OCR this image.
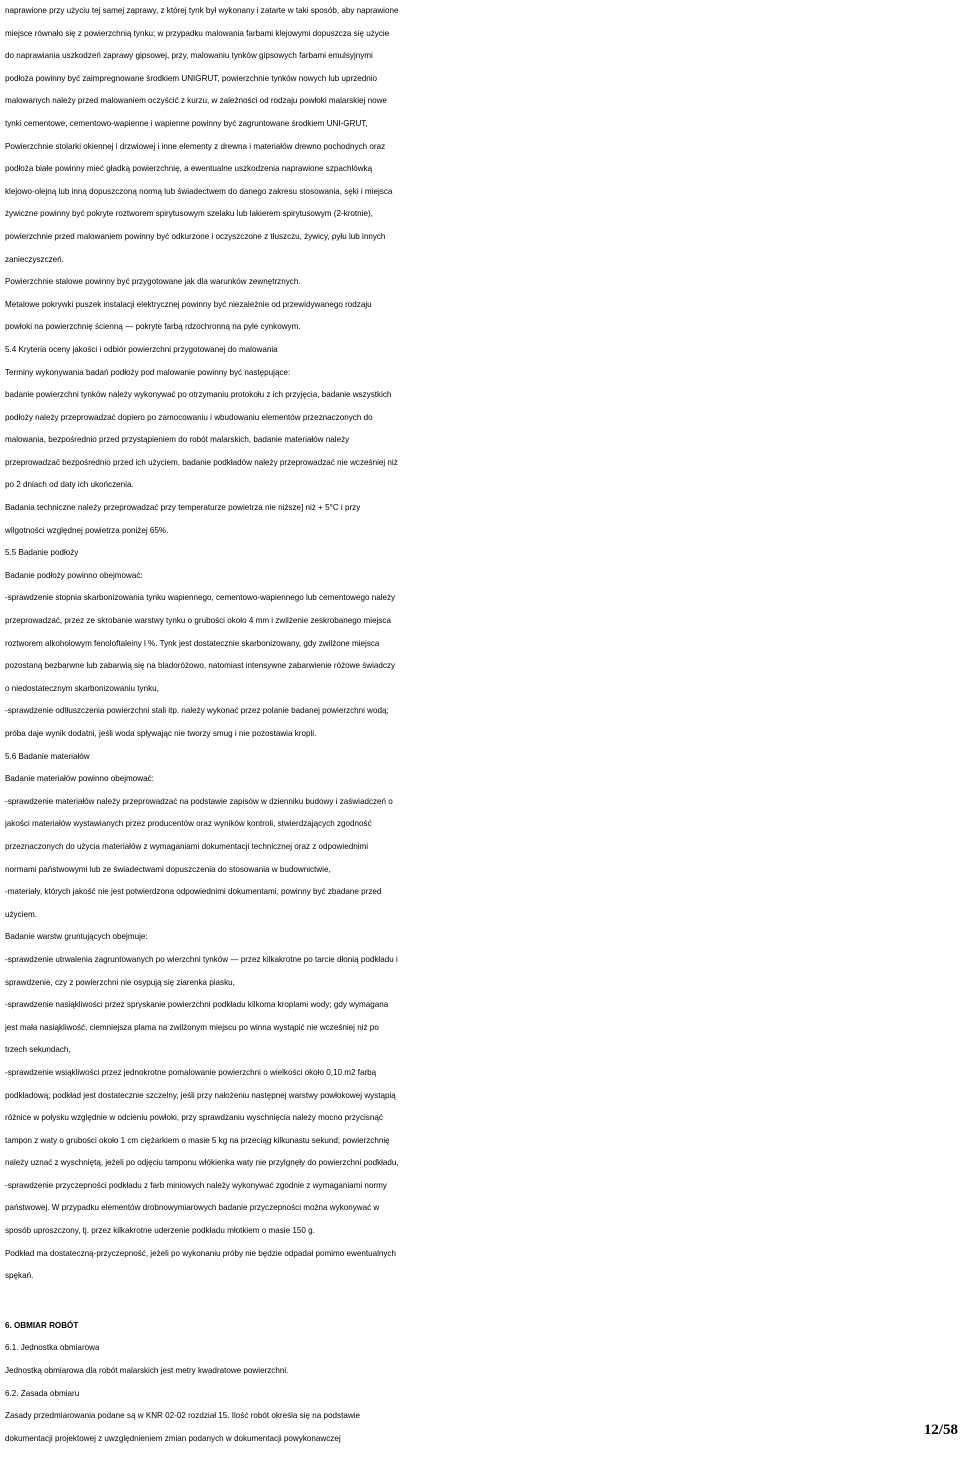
naprawione przy użyciu tej samej zaprawy, z której tynk był wykonany i zatarte w taki sposób, aby naprawione

miejsce równało się z powierzchnią tynku; w przypadku malowania farbami klejowymi dopuszcza się użycie

do naprawiania uszkodzeń zaprawy gipsowej, przy, malowaniu tynków gipsowych farbami emulsyjnymi

podłoża powinny być zaimpregnowane środkiem UNIGRUT, powierzchnie tynków nowych lub uprzednio

malowanych należy przed malowaniem oczyścić z kurzu, w zależności od rodzaju powłoki malarskiej nowe

tynki cementowe, cementowo-wapienne i wapienne powinny być zagruntowane środkiem UNI-GRUT,

Powierzchnie stolarki okiennej i drzwiowej i inne elementy z drewna i materiałów drewno pochodnych oraz

podłoża białe powinny mieć gładką powierzchnię, a ewentualne uszkodzenia naprawione szpachlówką

klejowo-olejną lub inną dopuszczoną normą lub świadectwem do danego zakresu stosowania, sęki i miejsca

żywiczne powinny być pokryte roztworem spirytusowym szelaku lub lakierem spirytusowym (2-krotnie),

powierzchnie przed malowaniem powinny być odkurzone i oczyszczone z tłuszczu, żywicy, pyłu lub innych

zanieczyszczeń.

Powierzchnie stalowe powinny być przygotowane jak dla warunków zewnętrznych.

Metalowe pokrywki puszek instalacji elektrycznej powinny być niezależnie od przewidywanego rodzaju

powłoki na powierzchnię ścienną — pokryte farbą rdzochronną na pyle cynkowym.

5.4 Kryteria oceny jakości i odbiór powierzchni przygotowanej do malowania

Terminy wykonywania badań podłoży pod malowanie powinny być następujące:

badanie powierzchni tynków należy wykonywać po otrzymaniu protokołu z ich przyjęcia, badanie wszystkich

podłoży należy przeprowadzać dopiero po zamocowaniu i wbudowaniu elementów przeznaczonych do

malowania, bezpośrednio przed przystąpieniem do robót malarskich, badanie materiałów należy

przeprowadzać bezpośrednio przed ich użyciem, badanie podkładów należy przeprowadzać nie wcześniej niż

po 2 dniach od daty ich ukończenia.

Badania techniczne należy przeprowadzać przy temperaturze powietrza nie niższe] niż + 5°C i przy

wilgotności względnej powietrza poniżej 65%.

5.5 Badanie podłoży

Badanie podłoży powinno obejmować:

-sprawdzenie stopnia skarbonizowania tynku wapiennego, cementowo-wapiennego lub cementowego należy

przeprowadzać, przez ze skrobanie warstwy tynku o grubości około 4 mm i zwilżenie zeskrobanego miejsca

roztworem alkoholowym fenoloftaleiny l %. Tynk jest dostatecznie skarbonizowany, gdy zwilżone miejsca

pozostaną bezbarwne lub zabarwią się na bladoróżowo, natomiast intensywne zabarwienie różowe świadczy

o niedostatecznym skarbonizowaniu tynku,

-sprawdzenie odtłuszczenia powierzchni stali itp. należy wykonać przez polanie badanej powierzchni wodą;

próba daje wynik dodatni, jeśli woda spływając nie tworzy smug i nie pozostawia kropli.

5.6 Badanie materiałów

Badanie materiałów powinno obejmować:

-sprawdzenie materiałów należy przeprowadzać na podstawie zapisów w dzienniku budowy i zaświadczeń o

jakości materiałów wystawianych przez producentów oraz wyników kontroli, stwierdzających zgodność

przeznaczonych do użycia materiałów z wymaganiami dokumentacji technicznej oraz z odpowiednimi

normami państwowymi lub ze świadectwami dopuszczenia do stosowania w budownictwie,

-materiały, których jakość nie jest potwierdzona odpowiednimi dokumentami, powinny być zbadane przed

użyciem.

Badanie warstw gruntujących obejmuje:

-sprawdzenie utrwalenia zagruntowanych po wierzchni tynków — przez kilkakrotne po tarcie dłonią podkładu i

sprawdzenie, czy z powierzchni nie osypują się ziarenka piasku,

-sprawdzenie nasiąkliwości przez spryskanie powierzchni podkładu kilkoma kroplami wody; gdy wymagana

jest mała nasiąkliwość, ciemniejsza plama na zwilżonym miejscu po winna wystąpić nie wcześniej niż po

trzech sekundach,

-sprawdzenie wsiąkliwości przez jednokrotne pomalowanie powierzchni o wielkości około 0,10 m2 farbą

podkładową; podkład jest dostatecznie szczelny, jeśli przy nałożeniu następnej warstwy powłokowej wystąpią

różnice w połysku względnie w odcieniu powłoki, przy sprawdzaniu wyschnięcia należy mocno przycisnąć

tampon z waty o grubości około 1 cm ciężarkiem o masie 5 kg na przeciąg kilkunastu sekund; powierzchnię

należy uznać z wyschniętą, jeżeli po odjęciu tamponu włókienka waty nie przylgnęły do powierzchni podkładu,

-sprawdzenie przyczepności podkładu z farb miniowych należy wykonywać zgodnie z wymaganiami normy

państwowej. W przypadku elementów drobnowymiarowych badanie przyczepności można wykonywać w

sposób uproszczony, tj. przez kilkakrotne uderzenie podkładu młotkiem o masie 150 g.

Podkład ma dostateczną-przyczepność, jeżeli po wykonaniu próby nie będzie odpadał pomimo ewentualnych

spękań.

6. OBMIAR ROBÓT

6.1. Jednostka obmiarowa

Jednostką obmiarowa dla robót malarskich jest metry kwadratowe powierzchni.

6.2. Zasada obmiaru

Zasady przedmiarowania podane są w KNR 02-02 rozdział 15. Ilość robót określa się na podstawie

dokumentacji projektowej z uwzględnieniem zmian podanych w dokumentacji powykonawczej

12/58
